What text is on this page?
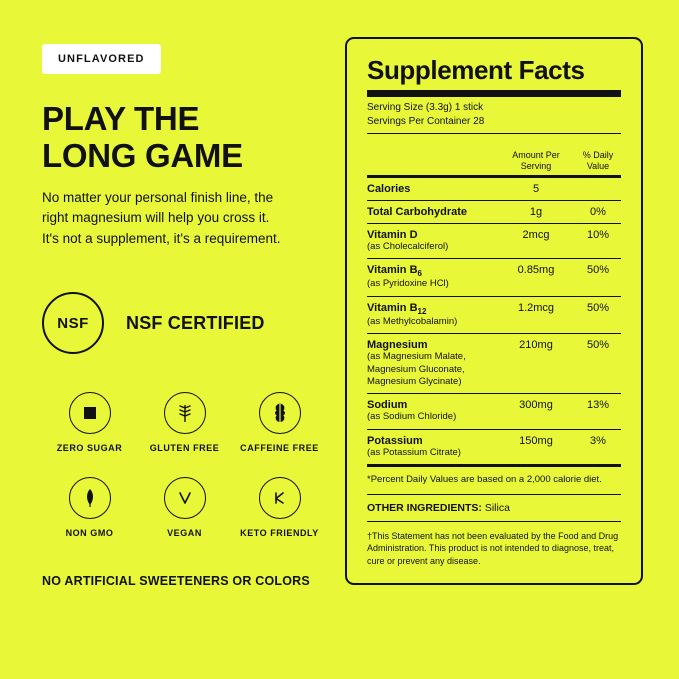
UNFLAVORED
PLAY THE
LONG GAME
No matter your personal finish line, the right magnesium will help you cross it. It's not a supplement, it's a requirement.
NSF	NSF CERTIFIED
ZERO SUGAR	GLUTEN FREE CAFFEINE FREE
NON GMO	VEGAN	KETO FRIENDLY
NO ARTIFICIAL SWEETENERS OR COLORS
Supplement Facts
Serving Size (3.3g) 1 stick
Servings Per Container 28
Amount Per
Serving
% Daily
Value
Calories	5	
Total Carbohydrate	1g	0%
Vitamin D
(as Cholecalciferol)	2mcg	10%
Vitamin $B_6$
(as Pyridoxine HCl)	0.85mg	50%
Vitamin $B_{12}$
(as Methylcobalamin)	1.2mcg	50%
Magnesium
(as Magnesium Malate, Magnesium Gluconate, Magnesium Glycinate)	210mg	50%
Sodium
(as Sodium Chloride)	300mg	13%
Potassium
(as Potassium Citrate)	150mg	3%
*Percent Daily Values are based on a 2,000 calorie diet.
OTHER INGREDIENTS: Silica
†This Statement has not been evaluated by the Food and Drug Administration. This product is not intended to diagnose, treat, cure or prevent any disease.
